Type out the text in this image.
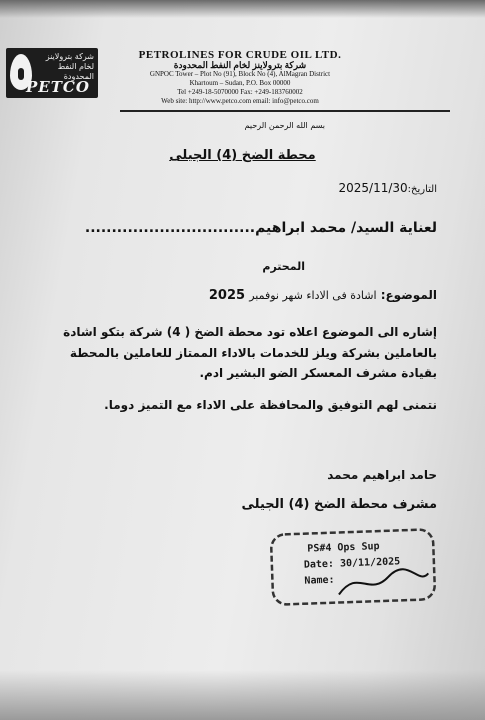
شركة بترولاينز لخام النفط المحدودة
PETCO
PETROLINES FOR CRUDE OIL LTD.
شركة بترولاينز لخام النفط المحدودة
GNPOC Tower – Plot No (91), Block No (4), AlMagran District
Khartoum – Sudan, P.O. Box 00000
Tel +249-18-5070000 Fax: +249-183760002
Web site: http://www.petco.com email: info@petco.com
بسم الله الرحمن الرحيم
محطة الضخ (4) الجيلى
التاريخ:2025/11/30
لعناية السيد/ محمد ابراهيم................................
المحترم
الموضوع: اشادة فى الاداء شهر نوفمبر 2025
إشاره الى الموضوع اعلاه تود محطة الضخ ( 4) شركة بتكو اشادة بالعاملين بشركة ويلز للخدمات بالاداء الممتاز للعاملين بالمحطة بقيادة مشرف المعسكر الضو البشير ادم.
نتمنى لهم التوفيق والمحافظة على الاداء مع التميز دوما.
حامد ابراهيم محمد
مشرف محطة الضخ (4) الجيلى
PS#4 Ops Sup
Date: 30/11/2025
Name:
